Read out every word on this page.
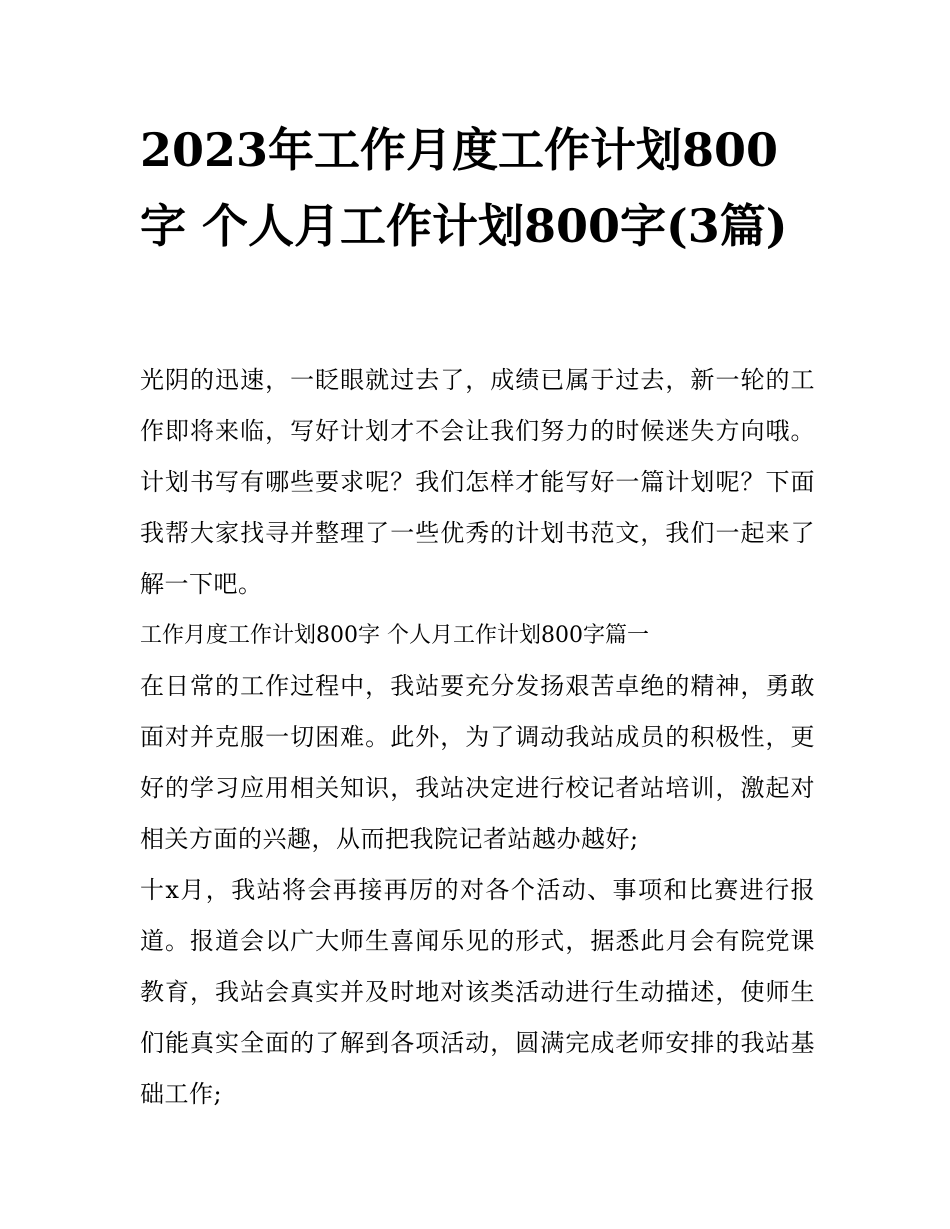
2023年工作月度工作计划800字 个人月工作计划800字(3篇)

光阴的迅速，一眨眼就过去了，成绩已属于过去，新一轮的工作即将来临，写好计划才不会让我们努力的时候迷失方向哦。计划书写有哪些要求呢？我们怎样才能写好一篇计划呢？下面我帮大家找寻并整理了一些优秀的计划书范文，我们一起来了解一下吧。

工作月度工作计划800字 个人月工作计划800字篇一

在日常的工作过程中，我站要充分发扬艰苦卓绝的精神，勇敢面对并克服一切困难。此外，为了调动我站成员的积极性，更好的学习应用相关知识，我站决定进行校记者站培训，激起对相关方面的兴趣，从而把我院记者站越办越好;

十x月，我站将会再接再厉的对各个活动、事项和比赛进行报道。报道会以广大师生喜闻乐见的形式，据悉此月会有院党课教育，我站会真实并及时地对该类活动进行生动描述，使师生们能真实全面的了解到各项活动，圆满完成老师安排的我站基础工作;
